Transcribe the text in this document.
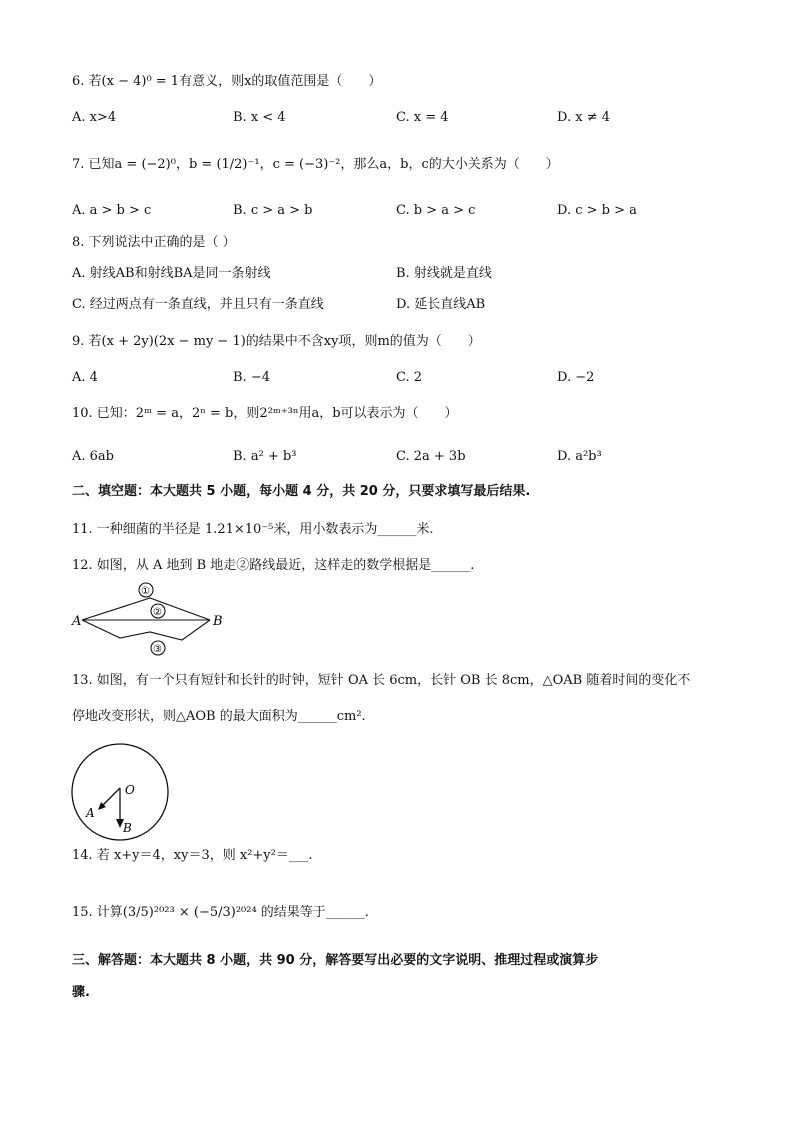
6. 若(x − 4)⁰ = 1有意义，则x的取值范围是（　　）
A. x>4	B. x < 4	C. x = 4	D. x ≠ 4
7. 已知a = (−2)⁰，b = (1/2)⁻¹，c = (−3)⁻²，那么a，b，c的大小关系为（　　）
A. a > b > c	B. c > a > b	C. b > a > c	D. c > b > a
8. 下列说法中正确的是（ ）
A. 射线AB和射线BA是同一条射线	B. 射线就是直线
C. 经过两点有一条直线，并且只有一条直线	D. 延长直线AB
9. 若(x + 2y)(2x − my − 1)的结果中不含xy项，则m的值为（　　）
A. 4	B. −4	C. 2	D. −2
10. 已知：2ᵐ = a，2ⁿ = b，则2²ᵐ⁺³ⁿ用a，b可以表示为（　　）
A. 6ab	B. a² + b³	C. 2a + 3b	D. a²b³
二、填空题：本大题共 5 小题，每小题 4 分，共 20 分，只要求填写最后结果.
11. 一种细菌的半径是 1.21×10⁻⁵米，用小数表示为______米.
12. 如图，从 A 地到 B 地走②路线最近，这样走的数学根据是______.
A	B
①
②
③
13. 如图，有一个只有短针和长针的时钟，短针 OA 长 6cm，长针 OB 长 8cm，△OAB 随着时间的变化不
停地改变形状，则△AOB 的最大面积为______cm².
O
A
B
14. 若 x+y＝4，xy＝3，则 x²+y²＝___.
15. 计算(3/5)²⁰²³ × (−5/3)²⁰²⁴ 的结果等于______.
三、解答题：本大题共 8 小题，共 90 分，解答要写出必要的文字说明、推理过程或演算步
骤.
